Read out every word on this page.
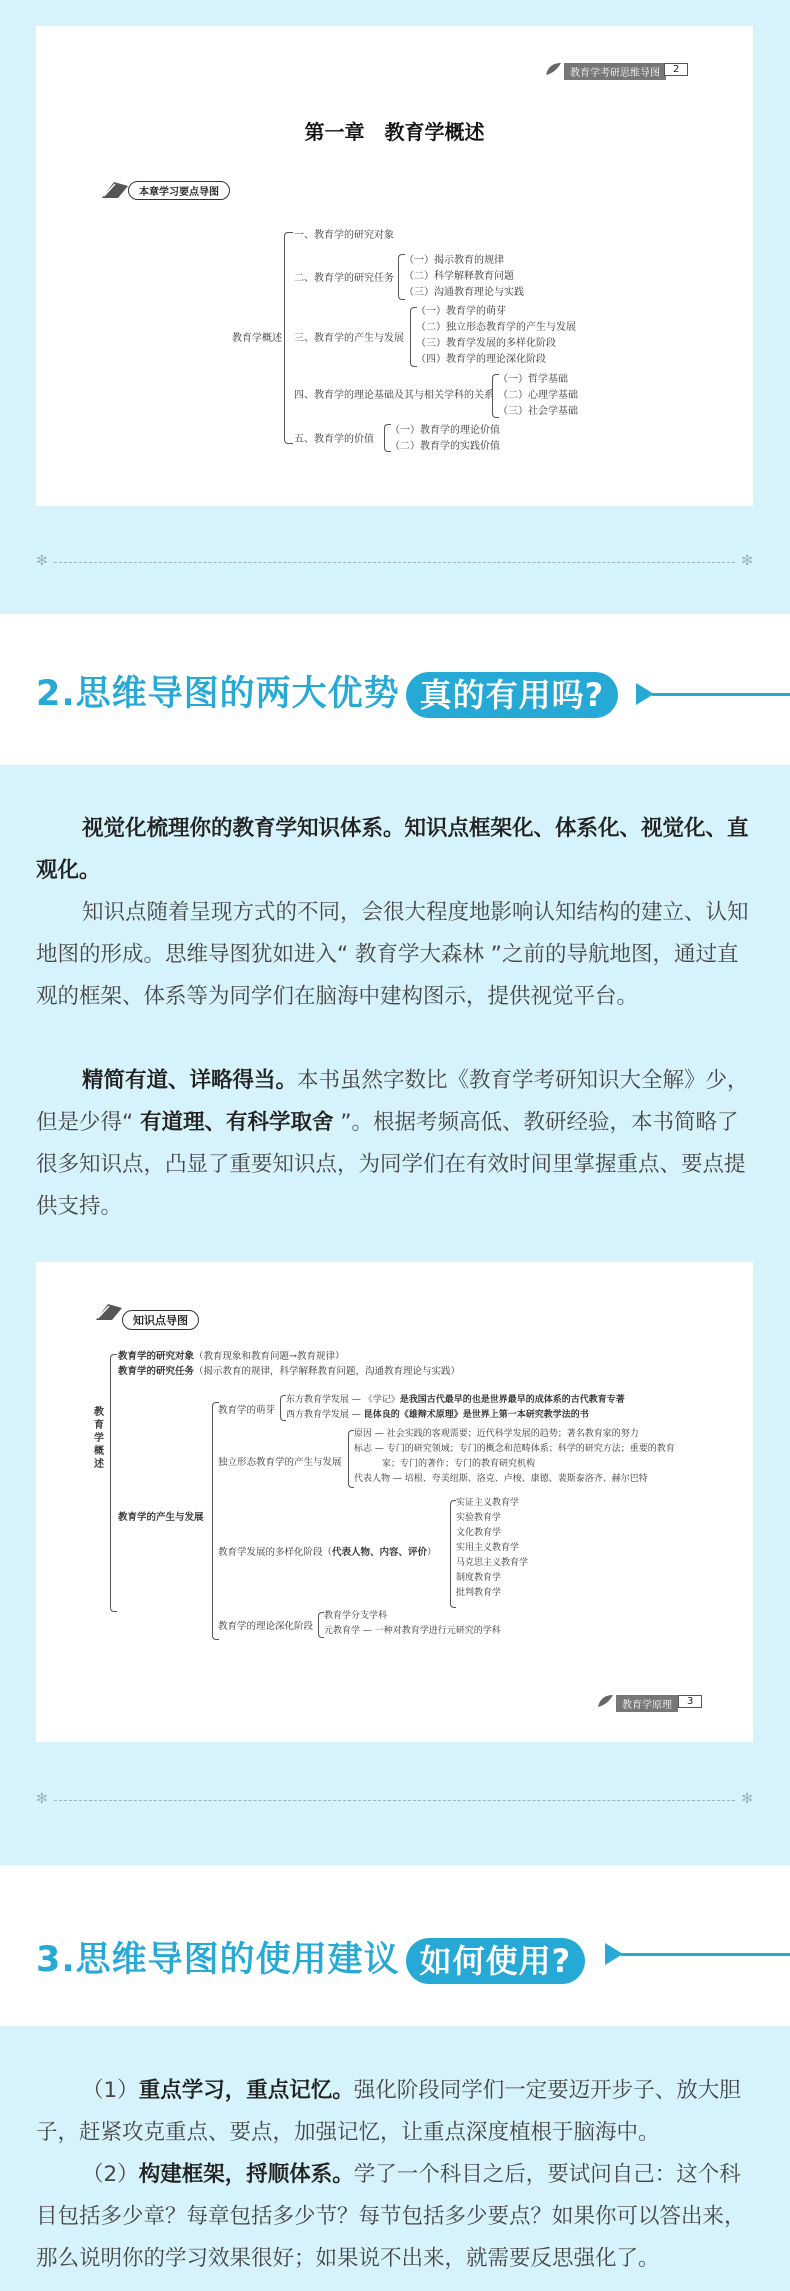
教育学考研思维导图	2
第一章　教育学概述
本章学习要点导图
教育学概述
一、教育学的研究对象
二、教育学的研究任务
（一）揭示教育的规律
（二）科学解释教育问题
（三）沟通教育理论与实践
三、教育学的产生与发展
（一）教育学的萌芽
（二）独立形态教育学的产生与发展
（三）教育学发展的多样化阶段
（四）教育学的理论深化阶段
四、教育学的理论基础及其与相关学科的关系
（一）哲学基础
（二）心理学基础
（三）社会学基础
五、教育学的价值
（一）教育学的理论价值
（二）教育学的实践价值
✻	✻
2.思维导图的两大优势 真的有用吗?

视觉化梳理你的教育学知识体系。知识点框架化、体系化、视觉化、直观化。

知识点随着呈现方式的不同，会很大程度地影响认知结构的建立、认知地图的形成。思维导图犹如进入“ 教育学大森林 ”之前的导航地图，通过直观的框架、体系等为同学们在脑海中建构图示，提供视觉平台。

精简有道、详略得当。本书虽然字数比《教育学考研知识大全解》少，但是少得“ 有道理、有科学取舍 ”。根据考频高低、教研经验，本书简略了很多知识点，凸显了重要知识点，为同学们在有效时间里掌握重点、要点提供支持。

知识点导图
教育学概述
教育学的研究对象（教育现象和教育问题→教育规律）
教育学的研究任务（揭示教育的规律，科学解释教育问题，沟通教育理论与实践）
教育学的产生与发展
教育学的萌芽
东方教育学发展 — 《学记》是我国古代最早的也是世界最早的成体系的古代教育专著
西方教育学发展 — 昆体良的《雄辩术原理》是世界上第一本研究教学法的书
独立形态教育学的产生与发展
原因 — 社会实践的客观需要；近代科学发展的趋势；著名教育家的努力
标志 — 专门的研究领域；专门的概念和范畴体系；科学的研究方法；重要的教育
家；专门的著作；专门的教育研究机构
代表人物 — 培根、夸美纽斯、洛克、卢梭、康德、裴斯泰洛齐、赫尔巴特
教育学发展的多样化阶段（代表人物、内容、评价）
实证主义教育学
实验教育学
文化教育学
实用主义教育学
马克思主义教育学
制度教育学
批判教育学
教育学的理论深化阶段
教育学分支学科
元教育学 — 一种对教育学进行元研究的学科
教育学原理	3
✻	✻
3.思维导图的使用建议 如何使用?

（1）重点学习，重点记忆。强化阶段同学们一定要迈开步子、放大胆子，赶紧攻克重点、要点，加强记忆，让重点深度植根于脑海中。

（2）构建框架，捋顺体系。学了一个科目之后，要试问自己：这个科目包括多少章？每章包括多少节？每节包括多少要点？如果你可以答出来，那么说明你的学习效果很好；如果说不出来，就需要反思强化了。
